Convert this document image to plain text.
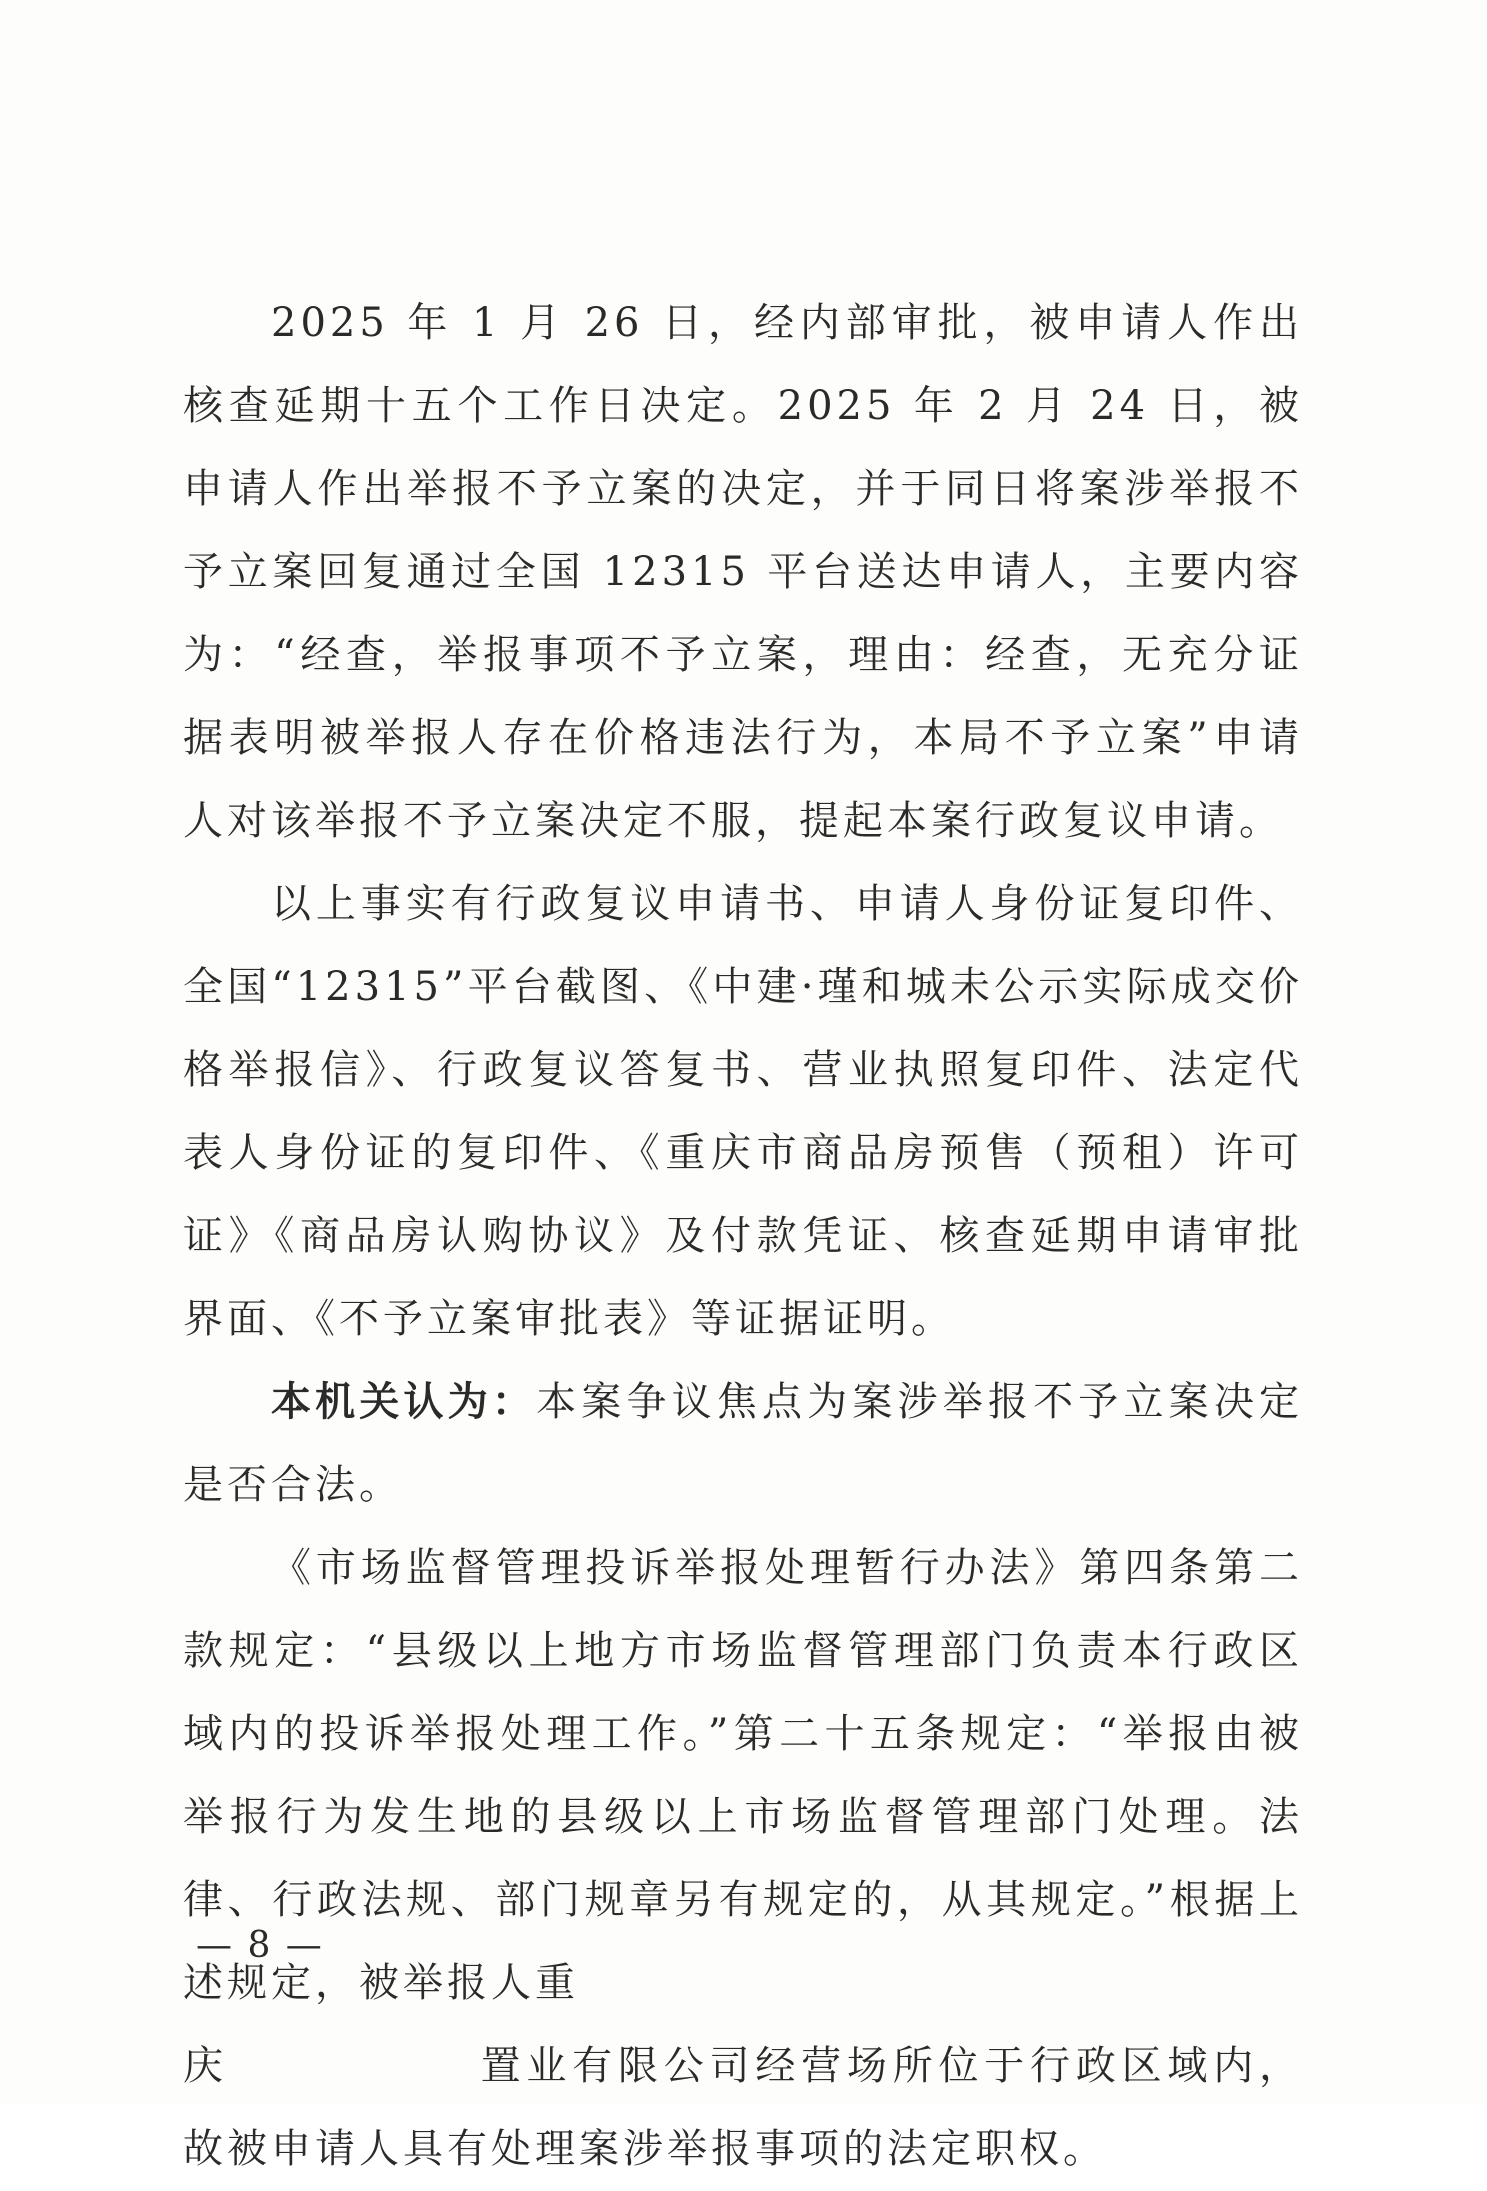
2025 年 1 月 26 日，经内部审批，被申请人作出核查延期十五个工作日决定。2025 年 2 月 24 日，被申请人作出举报不予立案的决定，并于同日将案涉举报不予立案回复通过全国 12315 平台送达申请人，主要内容为：“经查，举报事项不予立案，理由：经查，无充分证据表明被举报人存在价格违法行为，本局不予立案”申请人对该举报不予立案决定不服，提起本案行政复议申请。

以上事实有行政复议申请书、申请人身份证复印件、全国“12315”平台截图、《中建·瑾和城未公示实际成交价格举报信》、行政复议答复书、营业执照复印件、法定代表人身份证的复印件、《重庆市商品房预售（预租）许可证》《商品房认购协议》及付款凭证、核查延期申请审批界面、《不予立案审批表》等证据证明。

本机关认为：本案争议焦点为案涉举报不予立案决定是否合法。

《市场监督管理投诉举报处理暂行办法》第四条第二款规定：“县级以上地方市场监督管理部门负责本行政区域内的投诉举报处理工作。”第二十五条规定：“举报由被举报行为发生地的县级以上市场监督管理部门处理。法律、行政法规、部门规章另有规定的，从其规定。”根据上述规定，被举报人重
庆	置业有限公司经营场所位于行政区域内，故被申请人具有处理案涉举报事项的法定职权。

— 8 —
